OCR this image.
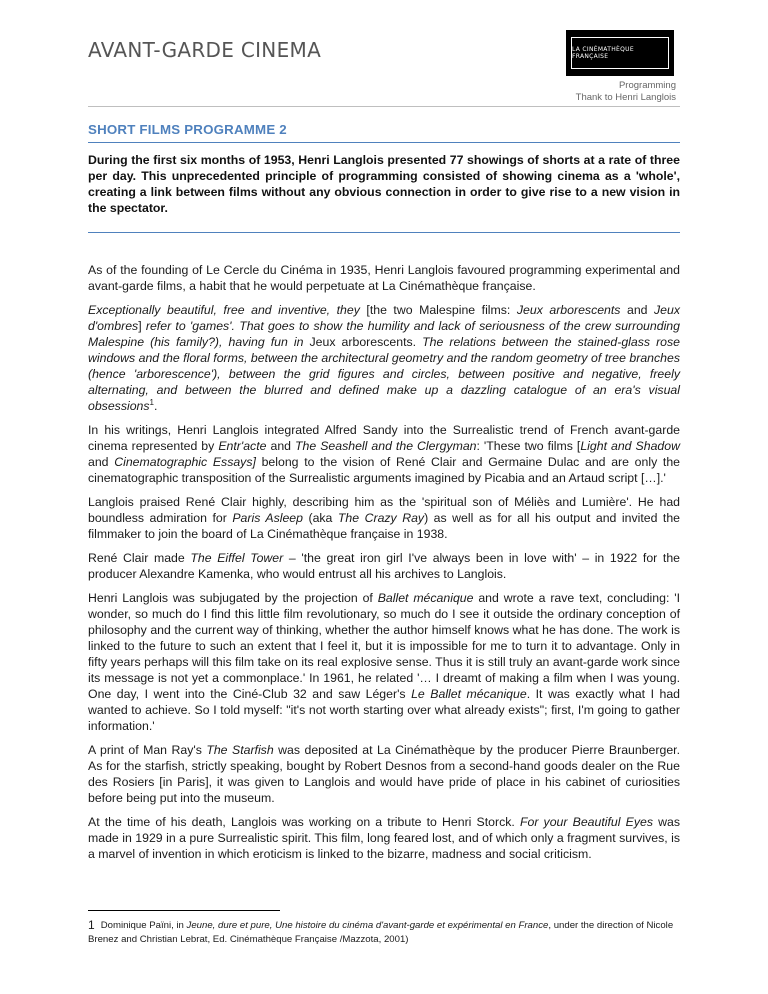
AVANT-GARDE CINEMA	LA CINÉMATHÈQUE FRANÇAISE
Programming
Thank to Henri Langlois
SHORT FILMS PROGRAMME 2
During the first six months of 1953, Henri Langlois presented 77 showings of shorts at a rate of three per day. This unprecedented principle of programming consisted of showing cinema as a 'whole', creating a link between films without any obvious connection in order to give rise to a new vision in the spectator.

As of the founding of Le Cercle du Cinéma in 1935, Henri Langlois favoured programming experimental and avant-garde films, a habit that he would perpetuate at La Cinémathèque française.

Exceptionally beautiful, free and inventive, they [the two Malespine films: Jeux arborescents and Jeux d'ombres] refer to 'games'. That goes to show the humility and lack of seriousness of the crew surrounding Malespine (his family?), having fun in Jeux arborescents. The relations between the stained-glass rose windows and the floral forms, between the architectural geometry and the random geometry of tree branches (hence 'arborescence'), between the grid figures and circles, between positive and negative, freely alternating, and between the blurred and defined make up a dazzling catalogue of an era's visual obsessions$^1$.

In his writings, Henri Langlois integrated Alfred Sandy into the Surrealistic trend of French avant-garde cinema represented by Entr'acte and The Seashell and the Clergyman: 'These two films [Light and Shadow and Cinematographic Essays] belong to the vision of René Clair and Germaine Dulac and are only the cinematographic transposition of the Surrealistic arguments imagined by Picabia and an Artaud script […].'

Langlois praised René Clair highly, describing him as the 'spiritual son of Méliès and Lumière'. He had boundless admiration for Paris Asleep (aka The Crazy Ray) as well as for all his output and invited the filmmaker to join the board of La Cinémathèque française in 1938.

René Clair made The Eiffel Tower – 'the great iron girl I've always been in love with' – in 1922 for the producer Alexandre Kamenka, who would entrust all his archives to Langlois.

Henri Langlois was subjugated by the projection of Ballet mécanique and wrote a rave text, concluding: 'I wonder, so much do I find this little film revolutionary, so much do I see it outside the ordinary conception of philosophy and the current way of thinking, whether the author himself knows what he has done. The work is linked to the future to such an extent that I feel it, but it is impossible for me to turn it to advantage. Only in fifty years perhaps will this film take on its real explosive sense. Thus it is still truly an avant-garde work since its message is not yet a commonplace.' In 1961, he related '… I dreamt of making a film when I was young. One day, I went into the Ciné-Club 32 and saw Léger's Le Ballet mécanique. It was exactly what I had wanted to achieve. So I told myself: "it's not worth starting over what already exists"; first, I'm going to gather information.'

A print of Man Ray's The Starfish was deposited at La Cinémathèque by the producer Pierre Braunberger. As for the starfish, strictly speaking, bought by Robert Desnos from a second-hand goods dealer on the Rue des Rosiers [in Paris], it was given to Langlois and would have pride of place in his cabinet of curiosities before being put into the museum.

At the time of his death, Langlois was working on a tribute to Henri Storck. For your Beautiful Eyes was made in 1929 in a pure Surrealistic spirit. This film, long feared lost, and of which only a fragment survives, is a marvel of invention in which eroticism is linked to the bizarre, madness and social criticism.

1 Dominique Païni, in Jeune, dure et pure, Une histoire du cinéma d'avant-garde et expérimental en France, under the direction of Nicole Brenez and Christian Lebrat, Ed. Cinémathèque Française /Mazzota, 2001)
